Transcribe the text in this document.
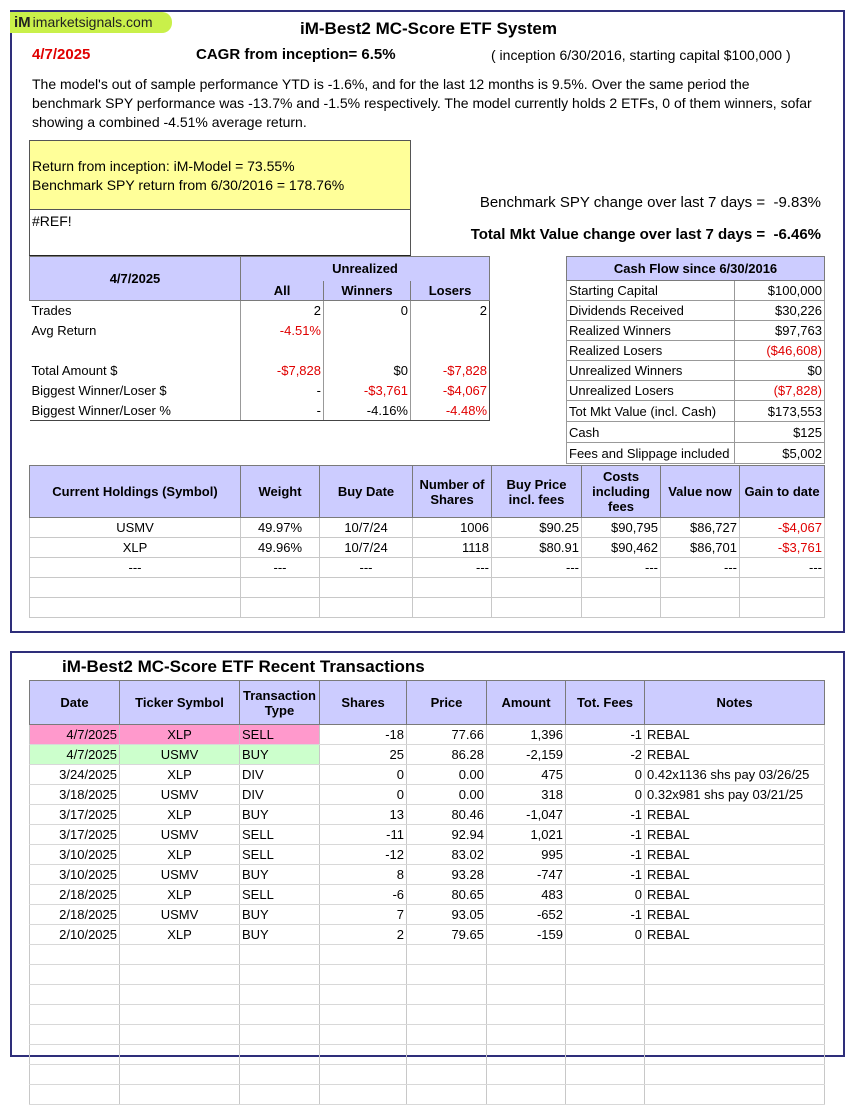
iM imarketsignals.com	iM-Best2 MC-Score ETF System
4/7/2025	CAGR from inception= 6.5%	( inception 6/30/2016, starting capital $100,000 )
The model's out of sample performance YTD is -1.6%, and for the last 12 months is 9.5%. Over the same period the benchmark SPY performance was -13.7% and -1.5% respectively. The model currently holds 2 ETFs, 0 of them winners, sofar showing a combined -4.51% average return.
Return from inception: iM-Model = 73.55%
Benchmark SPY return from 6/30/2016 = 178.76%
#REF!
Benchmark SPY change over last 7 days = -9.83%
Total Mkt Value change over last 7 days = -6.46%
4/7/2025	Unrealized		
	All	Winners	Losers
Trades	2	0	2
Avg Return	-4.51%		

Total Amount $	-$7,828	$0	-$7,828
Biggest Winner/Loser $	-	-$3,761	-$4,067
Biggest Winner/Loser %	-	-4.16%	-4.48%
Cash Flow since 6/30/2016	
Starting Capital	$100,000
Dividends Received	$30,226
Realized Winners	$97,763
Realized Losers	($46,608)
Unrealized Winners	$0
Unrealized Losers	($7,828)
Tot Mkt Value (incl. Cash)	$173,553
Cash	$125
Fees and Slippage included	$5,002
Current Holdings (Symbol)	Weight	Buy Date	Number of Shares	Buy Price incl. fees	Costs including fees	Value now	Gain to date
USMV	49.97%	10/7/24	1006	$90.25	$90,795	$86,727	-$4,067
XLP	49.96%	10/7/24	1118	$80.91	$90,462	$86,701	-$3,761
---	---	---	---	---	---	---	---

iM-Best2 MC-Score ETF Recent Transactions
Date	Ticker Symbol	Transaction Type	Shares	Price	Amount	Tot. Fees	Notes
4/7/2025	XLP	SELL	-18	77.66	1,396	-1	REBAL
4/7/2025	USMV	BUY	25	86.28	-2,159	-2	REBAL
3/24/2025	XLP	DIV	0	0.00	475	0	0.42x1136 shs pay 03/26/25
3/18/2025	USMV	DIV	0	0.00	318	0	0.32x981 shs pay 03/21/25
3/17/2025	XLP	BUY	13	80.46	-1,047	-1	REBAL
3/17/2025	USMV	SELL	-11	92.94	1,021	-1	REBAL
3/10/2025	XLP	SELL	-12	83.02	995	-1	REBAL
3/10/2025	USMV	BUY	8	93.28	-747	-1	REBAL
2/18/2025	XLP	SELL	-6	80.65	483	0	REBAL
2/18/2025	USMV	BUY	7	93.05	-652	-1	REBAL
2/10/2025	XLP	BUY	2	79.65	-159	0	REBAL
